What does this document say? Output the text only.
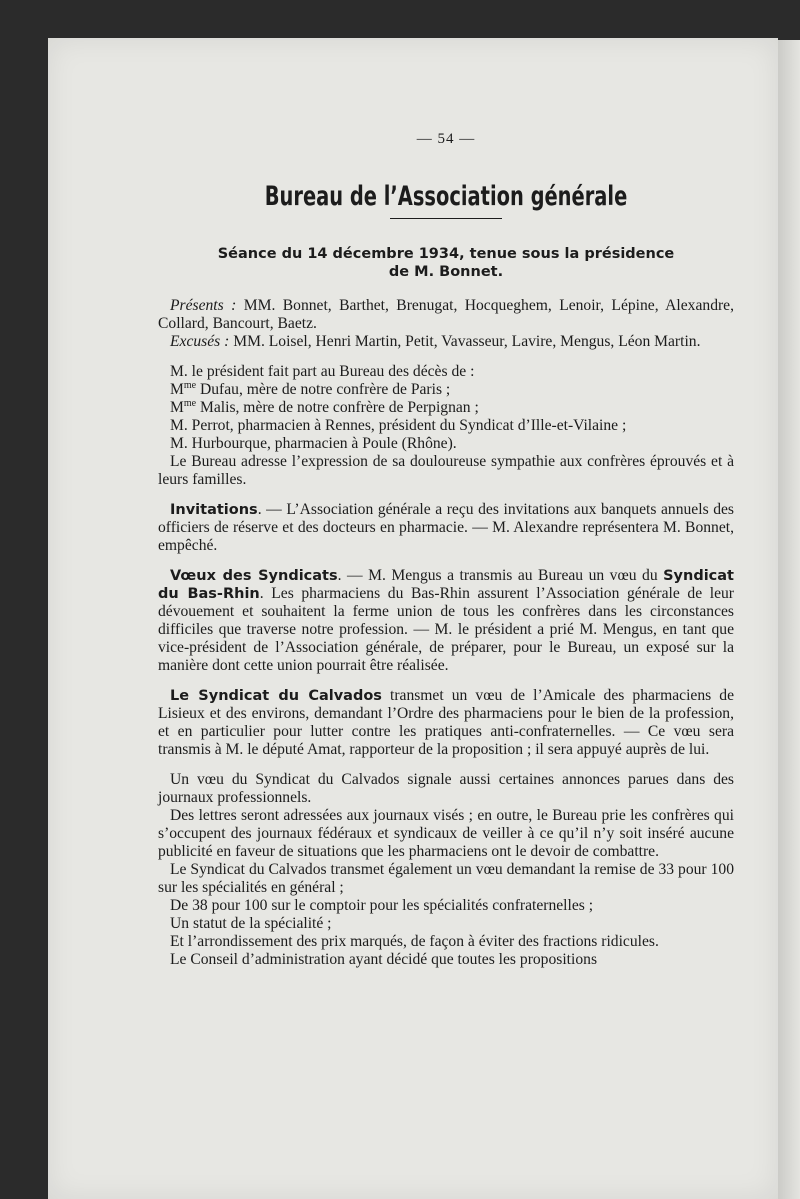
— 54 —
Bureau de l’Association générale
Séance du 14 décembre 1934, tenue sous la présidence
de M. Bonnet.

Présents : MM. Bonnet, Barthet, Brenugat, Hocqueghem, Lenoir, Lépine, Alexandre, Collard, Bancourt, Baetz.

Excusés : MM. Loisel, Henri Martin, Petit, Vavasseur, Lavire, Mengus, Léon Martin.

M. le président fait part au Bureau des décès de :

$M^{me}$ Dufau, mère de notre confrère de Paris ;

$M^{me}$ Malis, mère de notre confrère de Perpignan ;

M. Perrot, pharmacien à Rennes, président du Syndicat d’Ille-et-Vilaine ;

M. Hurbourque, pharmacien à Poule (Rhône).

Le Bureau adresse l’expression de sa douloureuse sympathie aux confrères éprouvés et à leurs familles.

Invitations. — L’Association générale a reçu des invitations aux banquets annuels des officiers de réserve et des docteurs en pharmacie. — M. Alexandre représentera M. Bonnet, empêché.

Vœux des Syndicats. — M. Mengus a transmis au Bureau un vœu du Syndicat du Bas-Rhin. Les pharmaciens du Bas-Rhin assurent l’Association générale de leur dévouement et souhaitent la ferme union de tous les confrères dans les circonstances difficiles que traverse notre profession. — M. le président a prié M. Mengus, en tant que vice-président de l’Association générale, de préparer, pour le Bureau, un exposé sur la manière dont cette union pourrait être réalisée.

Le Syndicat du Calvados transmet un vœu de l’Amicale des pharmaciens de Lisieux et des environs, demandant l’Ordre des pharmaciens pour le bien de la profession, et en particulier pour lutter contre les pratiques anti-confraternelles. — Ce vœu sera transmis à M. le député Amat, rapporteur de la proposition ; il sera appuyé auprès de lui.

Un vœu du Syndicat du Calvados signale aussi certaines annonces parues dans des journaux professionnels.

Des lettres seront adressées aux journaux visés ; en outre, le Bureau prie les confrères qui s’occupent des journaux fédéraux et syndicaux de veiller à ce qu’il n’y soit inséré aucune publicité en faveur de situations que les pharmaciens ont le devoir de combattre.

Le Syndicat du Calvados transmet également un vœu demandant la remise de 33 pour 100 sur les spécialités en général ;

De 38 pour 100 sur le comptoir pour les spécialités confraternelles ;

Un statut de la spécialité ;

Et l’arrondissement des prix marqués, de façon à éviter des fractions ridicules.

Le Conseil d’administration ayant décidé que toutes les propositions
